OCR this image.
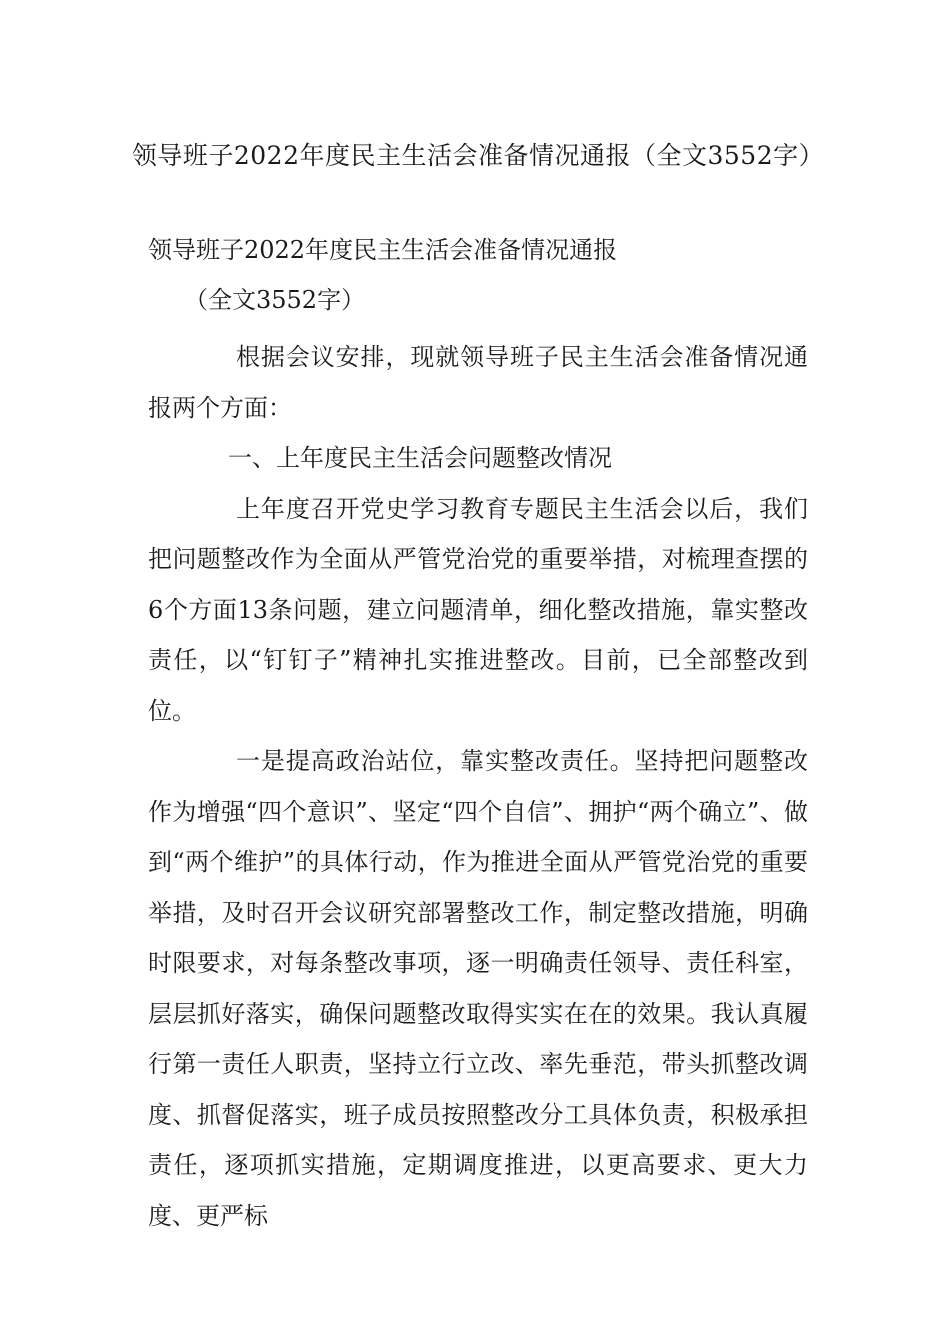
领导班子2022年度民主生活会准备情况通报（全文3552字）
领导班子2022年度民主生活会准备情况通报
（全文3552字）

根据会议安排，现就领导班子民主生活会准备情况通报两个方面：

一、上年度民主生活会问题整改情况

上年度召开党史学习教育专题民主生活会以后，我们把问题整改作为全面从严管党治党的重要举措，对梳理查摆的6个方面13条问题，建立问题清单，细化整改措施，靠实整改责任，以“钉钉子”精神扎实推进整改。目前，已全部整改到位。

一是提高政治站位，靠实整改责任。坚持把问题整改作为增强“四个意识”、坚定“四个自信”、拥护“两个确立”、做到“两个维护”的具体行动，作为推进全面从严管党治党的重要举措，及时召开会议研究部署整改工作，制定整改措施，明确时限要求，对每条整改事项，逐一明确责任领导、责任科室，层层抓好落实，确保问题整改取得实实在在的效果。我认真履行第一责任人职责，坚持立行立改、率先垂范，带头抓整改调度、抓督促落实，班子成员按照整改分工具体负责，积极承担责任，逐项抓实措施，定期调度推进，以更高要求、更大力度、更严标
